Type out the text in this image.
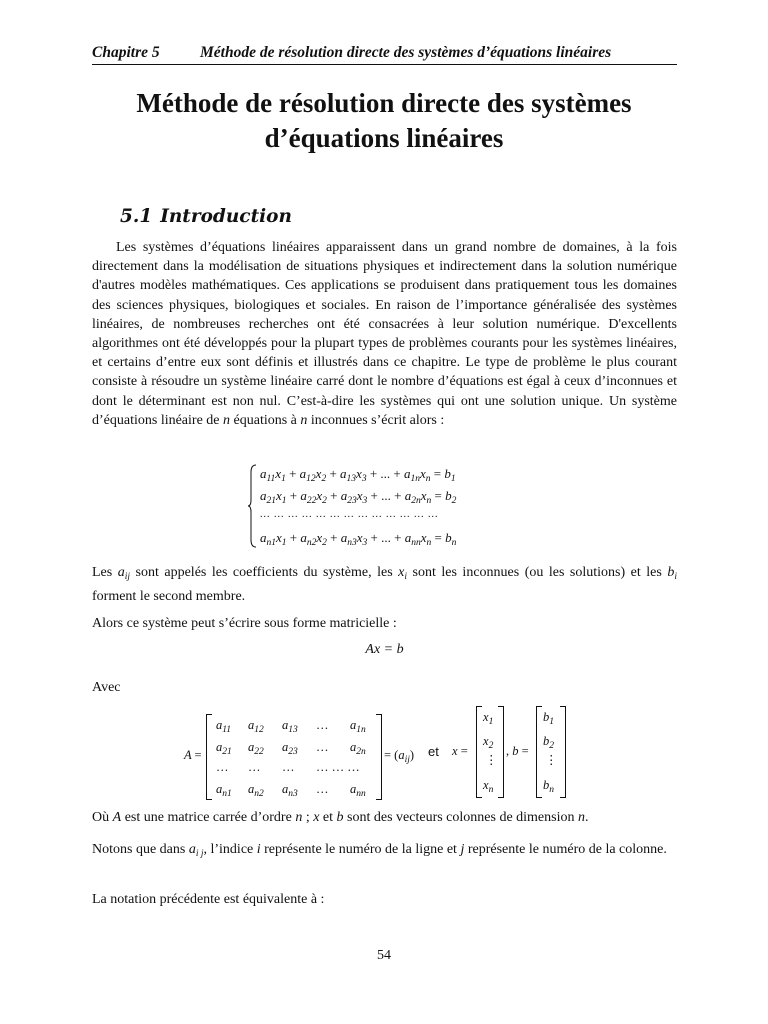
Chapitre 5	Méthode de résolution directe des systèmes d’équations linéaires
Méthode de résolution directe des systèmes
d’équations linéaires
5.1 Introduction
Les systèmes d’équations linéaires apparaissent dans un grand nombre de domaines, à la fois directement dans la modélisation de situations physiques et indirectement dans la solution numérique d'autres modèles mathématiques. Ces applications se produisent dans pratiquement tous les domaines des sciences physiques, biologiques et sociales. En raison de l’importance généralisée des systèmes linéaires, de nombreuses recherches ont été consacrées à leur solution numérique. D'excellents algorithmes ont été développés pour la plupart types de problèmes courants pour les systèmes linéaires, et certains d’entre eux sont définis et illustrés dans ce chapitre. Le type de problème le plus courant consiste à résoudre un système linéaire carré dont le nombre d’équations est égal à ceux d’inconnues et dont le déterminant est non nul. C’est-à-dire les systèmes qui ont une solution unique. Un système d’équations linéaire de n équations à n inconnues s’écrit alors :
$a_{11}x_1 + a_{12}x_2 + a_{13}x_3$ + ... + $a_{1n}x_n = b_1$
$a_{21}x_1 + a_{22}x_2 + a_{23}x_3$ + ... + $a_{2n}x_n = b_2$
... ... ... ... ... ... ... ... ... ... ... ... ...
$a_{n1}x_1 + a_{n2}x_2 + a_{n3}x_3$ + ... + $a_{nn}x_n = b_n$
Les $a_{ij}$ sont appelés les coefficients du système, les $x_i$ sont les inconnues (ou les solutions) et les $b_i$ forment le second membre.
Alors ce système peut s’écrire sous forme matricielle :
Ax = b
Avec
A =
$a_{11}$ $a_{12}$ $a_{13}$ … $a_{1n}$
$a_{21}$ $a_{22}$ $a_{23}$ … $a_{2n}$
… … … … … …
$a_{n1}$ $a_{n2}$ $a_{n3}$ … $a_{nn}$
= $(a_{ij})$ et	x =
$x_1$
$x_2$
⋮
$x_n$
, b =
$b_1$
$b_2$
⋮
$b_n$
Où A est une matrice carrée d’ordre n ; x et b sont des vecteurs colonnes de dimension n.
Notons que dans $a_{i j}$, l’indice i représente le numéro de la ligne et j représente le numéro de la colonne.
La notation précédente est équivalente à :
54
